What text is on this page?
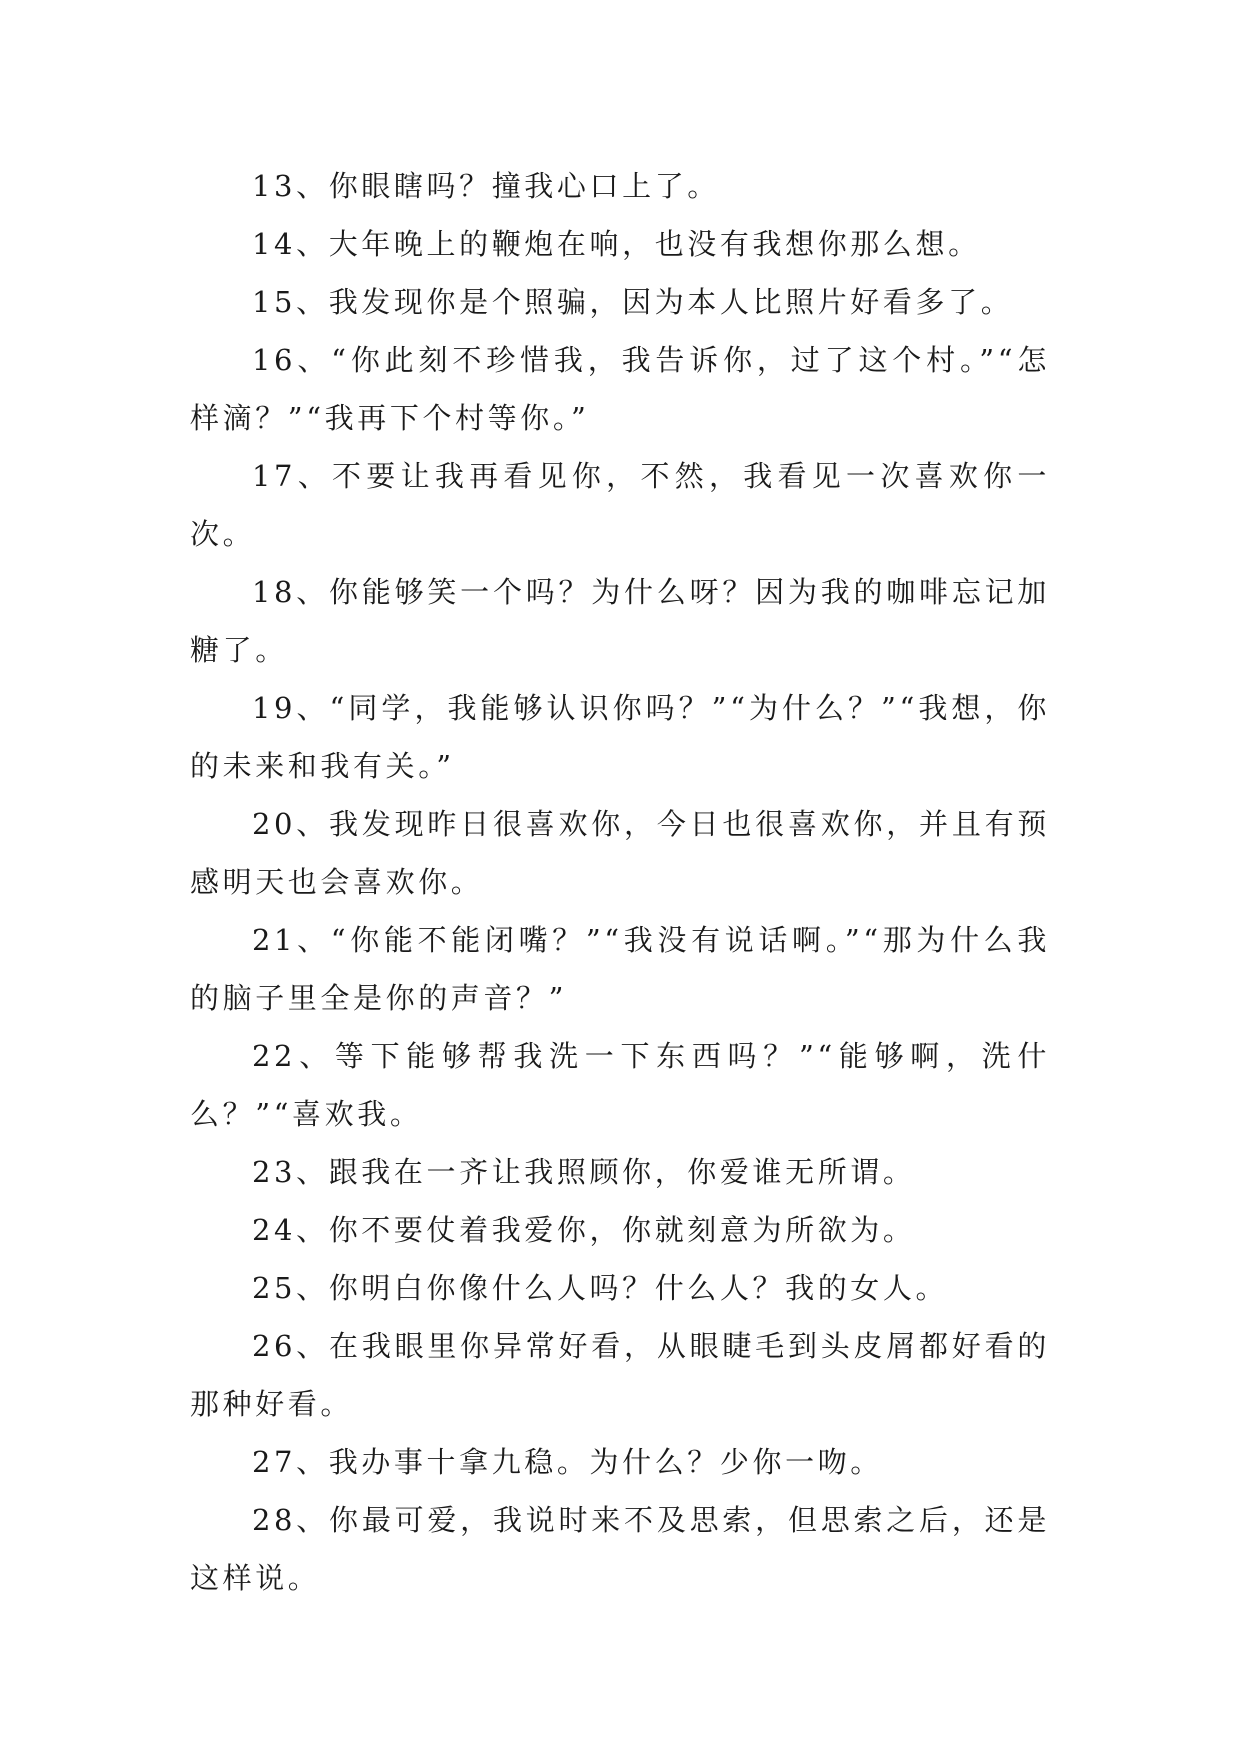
13、你眼瞎吗？撞我心口上了。

14、大年晚上的鞭炮在响，也没有我想你那么想。

15、我发现你是个照骗，因为本人比照片好看多了。

16、“你此刻不珍惜我，我告诉你，过了这个村。”“怎样滴？”“我再下个村等你。”

17、不要让我再看见你，不然，我看见一次喜欢你一次。

18、你能够笑一个吗？为什么呀？因为我的咖啡忘记加糖了。

19、“同学，我能够认识你吗？”“为什么？”“我想，你的未来和我有关。”

20、我发现昨日很喜欢你，今日也很喜欢你，并且有预感明天也会喜欢你。

21、“你能不能闭嘴？”“我没有说话啊。”“那为什么我的脑子里全是你的声音？”

22、等下能够帮我洗一下东西吗？”“能够啊，洗什么？”“喜欢我。

23、跟我在一齐让我照顾你，你爱谁无所谓。

24、你不要仗着我爱你，你就刻意为所欲为。

25、你明白你像什么人吗？什么人？我的女人。

26、在我眼里你异常好看，从眼睫毛到头皮屑都好看的那种好看。

27、我办事十拿九稳。为什么？少你一吻。

28、你最可爱，我说时来不及思索，但思索之后，还是这样说。
